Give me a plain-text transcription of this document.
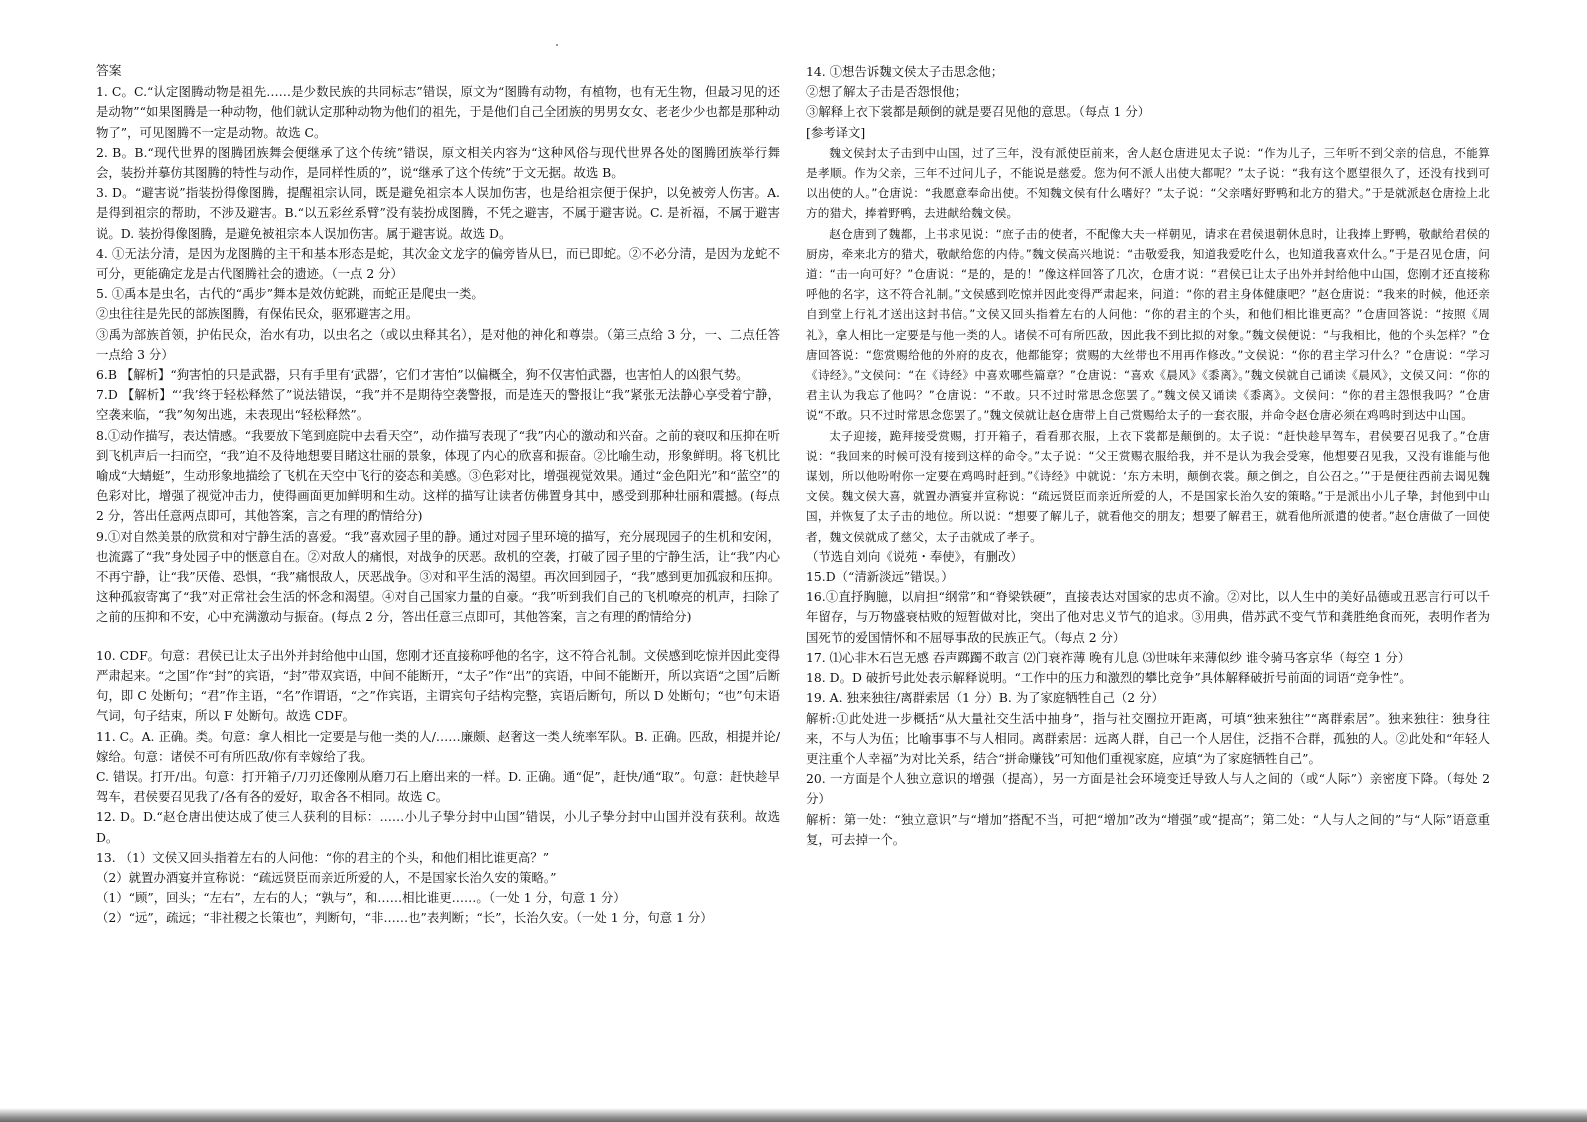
答案

1. C。C.“认定图腾动物是祖先……是少数民族的共同标志”错误，原文为“图腾有动物，有植物，也有无生物，但最习见的还是动物”“如果图腾是一种动物，他们就认定那种动物为他们的祖先，于是他们自己全团族的男男女女、老老少少也都是那种动物了”，可见图腾不一定是动物。故选 C。

2. B。B.“现代世界的图腾团族舞会便继承了这个传统”错误，原文相关内容为“这种风俗与现代世界各处的图腾团族举行舞会，装扮并摹仿其图腾的特性与动作，是同样性质的”，说“继承了这个传统”于文无据。故选 B。

3. D。“避害说”指装扮得像图腾，提醒祖宗认同，既是避免祖宗本人误加伤害，也是给祖宗便于保护，以免被旁人伤害。A. 是得到祖宗的帮助，不涉及避害。B.“以五彩丝系臂”没有装扮成图腾，不凭之避害，不属于避害说。C. 是祈福，不属于避害说。D. 装扮得像图腾，是避免被祖宗本人误加伤害。属于避害说。故选 D。

4. ①无法分清，是因为龙图腾的主干和基本形态是蛇，其次金文龙字的偏旁皆从巳，而已即蛇。②不必分清，是因为龙蛇不可分，更能确定龙是古代图腾社会的遗迹。（一点 2 分）

5. ①禹本是虫名，古代的“禹步”舞本是效仿蛇跳，而蛇正是爬虫一类。

②虫往往是先民的部族图腾，有保佑民众，驱邪避害之用。

③禹为部族首领，护佑民众，治水有功，以虫名之（或以虫释其名），是对他的神化和尊崇。（第三点给 3 分，一、二点任答一点给 3 分）

6.B 【解析】“狗害怕的只是武器，只有手里有‘武器’，它们才害怕”以偏概全，狗不仅害怕武器，也害怕人的凶狠气势。

7.D 【解析】“‘我’终于轻松释然了”说法错误，“我”并不是期待空袭警报，而是连天的警报让“我”紧张无法静心享受着宁静，空袭来临，“我”匆匆出逃，未表现出“轻松释然”。

8.①动作描写，表达情感。“我要放下笔到庭院中去看天空”，动作描写表现了“我”内心的激动和兴奋。之前的衰叹和压抑在听到飞机声后一扫而空，“我”迫不及待地想要目睹这壮丽的景象，体现了内心的欣喜和振奋。②比喻生动，形象鲜明。将飞机比喻成“大蜻蜓”，生动形象地描绘了飞机在天空中飞行的姿态和美感。③色彩对比，增强视觉效果。通过“金色阳光”和“蓝空”的色彩对比，增强了视觉冲击力，使得画面更加鲜明和生动。这样的描写让读者仿佛置身其中，感受到那种壮丽和震撼。(每点 2 分，答出任意两点即可，其他答案，言之有理的酌情给分)

9.①对自然美景的欣赏和对宁静生活的喜爱。“我”喜欢园子里的静。通过对园子里环境的描写，充分展现园子的生机和安闲，也流露了“我”身处园子中的惬意自在。②对敌人的痛恨，对战争的厌恶。敌机的空袭，打破了园子里的宁静生活，让“我”内心不再宁静，让“我”厌倦、恐惧，“我”痛恨敌人，厌恶战争。③对和平生活的渴望。再次回到园子，“我”感到更加孤寂和压抑。这种孤寂寄寓了“我”对正常社会生活的怀念和渴望。④对自己国家力量的自豪。“我”听到我们自己的飞机嘹亮的机声，扫除了之前的压抑和不安，心中充满激动与振奋。(每点 2 分，答出任意三点即可，其他答案，言之有理的酌情给分)

10. CDF。句意：君侯已让太子出外并封给他中山国，您刚才还直接称呼他的名字，这不符合礼制。文侯感到吃惊并因此变得严肃起来。“之国”作“封”的宾语，“封”带双宾语，中间不能断开，“太子”作“出”的宾语，中间不能断开，所以宾语“之国”后断句，即 C 处断句；“君”作主语，“名”作谓语，“之”作宾语，主谓宾句子结构完整，宾语后断句，所以 D 处断句；“也”句末语气词，句子结束，所以 F 处断句。故选 CDF。

11. C。A. 正确。类。句意：拿人相比一定要是与他一类的人/……廉颇、赵奢这一类人统率军队。B. 正确。匹敌，相提并论/嫁给。句意：诸侯不可有所匹敌/你有幸嫁给了我。

C. 错误。打开/出。句意：打开箱子/刀刃还像刚从磨刀石上磨出来的一样。D. 正确。通“促”，赶快/通“取”。句意：赶快趁早驾车，君侯要召见我了/各有各的爱好，取舍各不相同。故选 C。

12. D。D.“赵仓唐出使达成了使三人获利的目标：……小儿子挚分封中山国”错误，小儿子挚分封中山国并没有获利。故选 D。

13. （1）文侯又回头指着左右的人问他：“你的君主的个头，和他们相比谁更高？”

（2）就置办酒宴并宣称说：“疏远贤臣而亲近所爱的人，不是国家长治久安的策略。”

（1）“顾”，回头；“左右”，左右的人；“孰与”，和……相比谁更……。（一处 1 分，句意 1 分）

（2）“远”，疏远；“非社稷之长策也”，判断句，“非……也”表判断；“长”，长治久安。（一处 1 分，句意 1 分）

14. ①想告诉魏文侯太子击思念他；

②想了解太子击是否怨恨他；

③解释上衣下裳都是颠倒的就是要召见他的意思。（每点 1 分）

[参考译文]

魏文侯封太子击到中山国，过了三年，没有派使臣前来，舍人赵仓唐进见太子说：“作为儿子，三年听不到父亲的信息，不能算是孝顺。作为父亲，三年不过问儿子，不能说是慈爱。您为何不派人出使大都呢？”太子说：“我有这个愿望很久了，还没有找到可以出使的人。”仓唐说：“我愿意奉命出使。不知魏文侯有什么嗜好？”太子说：“父亲嗜好野鸭和北方的猎犬。”于是就派赵仓唐捡上北方的猎犬，捧着野鸭，去进献给魏文侯。

赵仓唐到了魏都，上书求见说：“庶子击的使者，不配像大夫一样朝见，请求在君侯退朝休息时，让我捧上野鸭，敬献给君侯的厨房，牵来北方的猎犬，敬献给您的内侍。”魏文侯高兴地说：“击敬爱我，知道我爱吃什么，也知道我喜欢什么。”于是召见仓唐，问道：“击一向可好？”仓唐说：“是的，是的！”像这样回答了几次，仓唐才说：“君侯已让太子出外并封给他中山国，您刚才还直接称呼他的名字，这不符合礼制。”文侯感到吃惊并因此变得严肃起来，问道：“你的君主身体健康吧？”赵仓唐说：“我来的时候，他还亲自到堂上行礼才送出这封书信。”文侯又回头指着左右的人问他：“你的君主的个头，和他们相比谁更高？”仓唐回答说：“按照《周礼》，拿人相比一定要是与他一类的人。诸侯不可有所匹敌，因此我不到比拟的对象。”魏文侯便说：“与我相比，他的个头怎样？”仓唐回答说：“您赏赐给他的外府的皮衣，他都能穿；赏赐的大丝带也不用再作修改。”文侯说：“你的君主学习什么？”仓唐说：“学习《诗经》。”文侯问：“在《诗经》中喜欢哪些篇章？”仓唐说：“喜欢《晨风》《黍离》。”魏文侯就自己诵读《晨风》，文侯又问：“你的君主认为我忘了他吗？”仓唐说：“不敢。只不过时常思念您罢了。”魏文侯又诵读《黍离》。文侯问：“你的君主怨恨我吗？”仓唐说“不敢。只不过时常思念您罢了。”魏文侯就让赵仓唐带上自己赏赐给太子的一套衣服，并命令赵仓唐必须在鸡鸣时到达中山国。

太子迎接，跪拜接受赏赐，打开箱子，看看那衣服，上衣下裳都是颠倒的。太子说：“赶快趁早驾车，君侯要召见我了。”仓唐说：“我回来的时候可没有接到这样的命令。”太子说：“父王赏赐衣服给我，并不是认为我会受寒，他想要召见我，又没有谁能与他谋划，所以他吩咐你一定要在鸡鸣时赶到。”《诗经》中就说：‘东方未明，颠倒衣裳。颠之倒之，自公召之。’”于是便往西前去谒见魏文侯。魏文侯大喜，就置办酒宴并宣称说：“疏远贤臣而亲近所爱的人，不是国家长治久安的策略。”于是派出小儿子挚，封他到中山国，并恢复了太子击的地位。所以说：“想要了解儿子，就看他交的朋友；想要了解君王，就看他所派遣的使者。”赵仓唐做了一回使者，魏文侯就成了慈父，太子击就成了孝子。

（节选自刘向《说苑・奉使》，有删改）

15.D（“清新淡远”错误。）

16.①直抒胸臆，以肩担“纲常”和“脊梁铁硬”，直接表达对国家的忠贞不渝。②对比，以人生中的美好品德或丑恶言行可以千年留存，与万物盛衰枯败的短暂做对比，突出了他对忠义节气的追求。③用典，借苏武不变气节和龚胜绝食而死，表明作者为国死节的爱国情怀和不屈辱事敌的民族正气。（每点 2 分）

17. ⑴心非木石岂无感 吞声踯躅不敢言 ⑵门衰祚薄 晚有儿息 ⑶世味年来薄似纱 谁令骑马客京华（每空 1 分）

18. D。D 破折号此处表示解释说明。“工作中的压力和激烈的攀比竞争”具体解释破折号前面的词语“竞争性”。

19. A. 独来独往/离群索居（1 分）B. 为了家庭牺牲自己（2 分）

解析:①此处进一步概括“从大量社交生活中抽身”，指与社交圈拉开距离，可填“独来独往”“离群索居”。独来独往：独身往来，不与人为伍；比喻事事不与人相同。离群索居：远离人群，自己一个人居住，泛指不合群，孤独的人。②此处和“年轻人更注重个人幸福”为对比关系，结合“拼命赚钱”可知他们重视家庭，应填“为了家庭牺牲自己”。

20. 一方面是个人独立意识的增强（提高），另一方面是社会环境变迁导致人与人之间的（或“人际”）亲密度下降。（每处 2 分）

解析：第一处：“独立意识”与“增加”搭配不当，可把“增加”改为“增强”或“提高”；第二处：“人与人之间的”与“人际”语意重复，可去掉一个。
